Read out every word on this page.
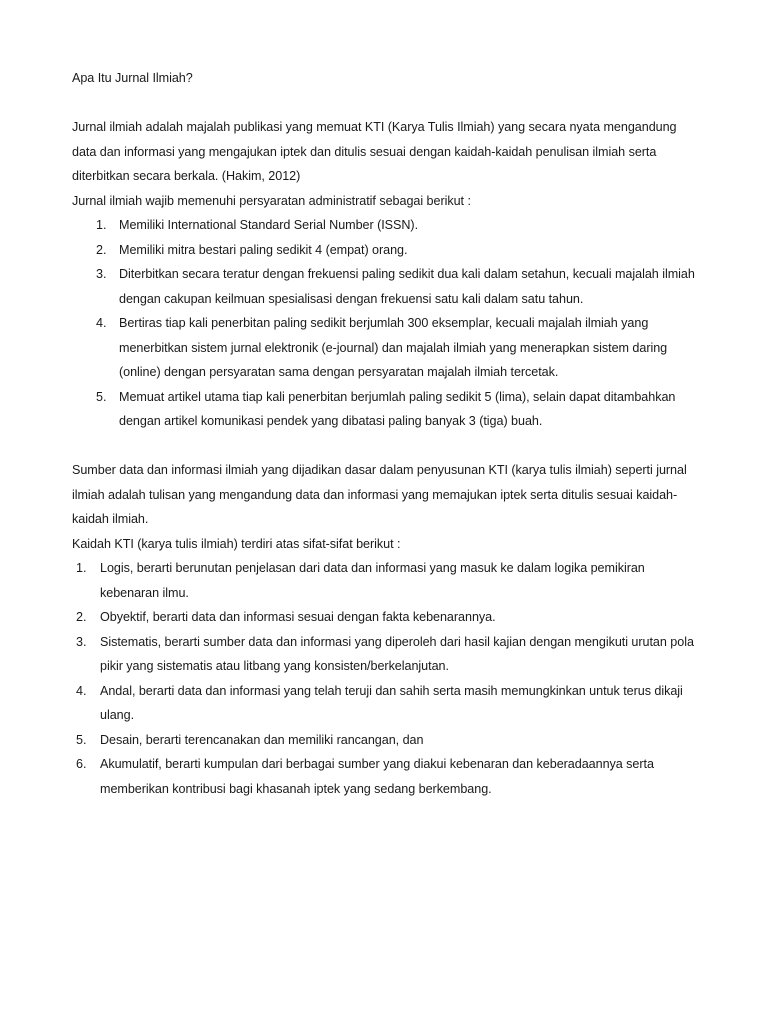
Apa Itu Jurnal Ilmiah?

Jurnal ilmiah adalah majalah publikasi yang memuat KTI (Karya Tulis Ilmiah) yang secara nyata mengandung data dan informasi yang mengajukan iptek dan ditulis sesuai dengan kaidah-kaidah penulisan ilmiah serta diterbitkan secara berkala. (Hakim, 2012)

Jurnal ilmiah wajib memenuhi persyaratan administratif sebagai berikut :

1. Memiliki International Standard Serial Number (ISSN).
2. Memiliki mitra bestari paling sedikit 4 (empat) orang.
3. Diterbitkan secara teratur dengan frekuensi paling sedikit dua kali dalam setahun, kecuali majalah ilmiah dengan cakupan keilmuan spesialisasi dengan frekuensi satu kali dalam satu tahun.
4. Bertiras tiap kali penerbitan paling sedikit berjumlah 300 eksemplar, kecuali majalah ilmiah yang menerbitkan sistem jurnal elektronik (e-journal) dan majalah ilmiah yang menerapkan sistem daring (online) dengan persyaratan sama dengan persyaratan majalah ilmiah tercetak.
5. Memuat artikel utama tiap kali penerbitan berjumlah paling sedikit 5 (lima), selain dapat ditambahkan dengan artikel komunikasi pendek yang dibatasi paling banyak 3 (tiga) buah.

Sumber data dan informasi ilmiah yang dijadikan dasar dalam penyusunan KTI (karya tulis ilmiah) seperti jurnal ilmiah adalah tulisan yang mengandung data dan informasi yang memajukan iptek serta ditulis sesuai kaidah-kaidah ilmiah.

Kaidah KTI (karya tulis ilmiah) terdiri atas sifat-sifat berikut :

1. Logis, berarti berunutan penjelasan dari data dan informasi yang masuk ke dalam logika pemikiran kebenaran ilmu.
2. Obyektif, berarti data dan informasi sesuai dengan fakta kebenarannya.
3. Sistematis, berarti sumber data dan informasi yang diperoleh dari hasil kajian dengan mengikuti urutan pola pikir yang sistematis atau litbang yang konsisten/berkelanjutan.
4. Andal, berarti data dan informasi yang telah teruji dan sahih serta masih memungkinkan untuk terus dikaji ulang.
5. Desain, berarti terencanakan dan memiliki rancangan, dan
6. Akumulatif, berarti kumpulan dari berbagai sumber yang diakui kebenaran dan keberadaannya serta memberikan kontribusi bagi khasanah iptek yang sedang berkembang.
